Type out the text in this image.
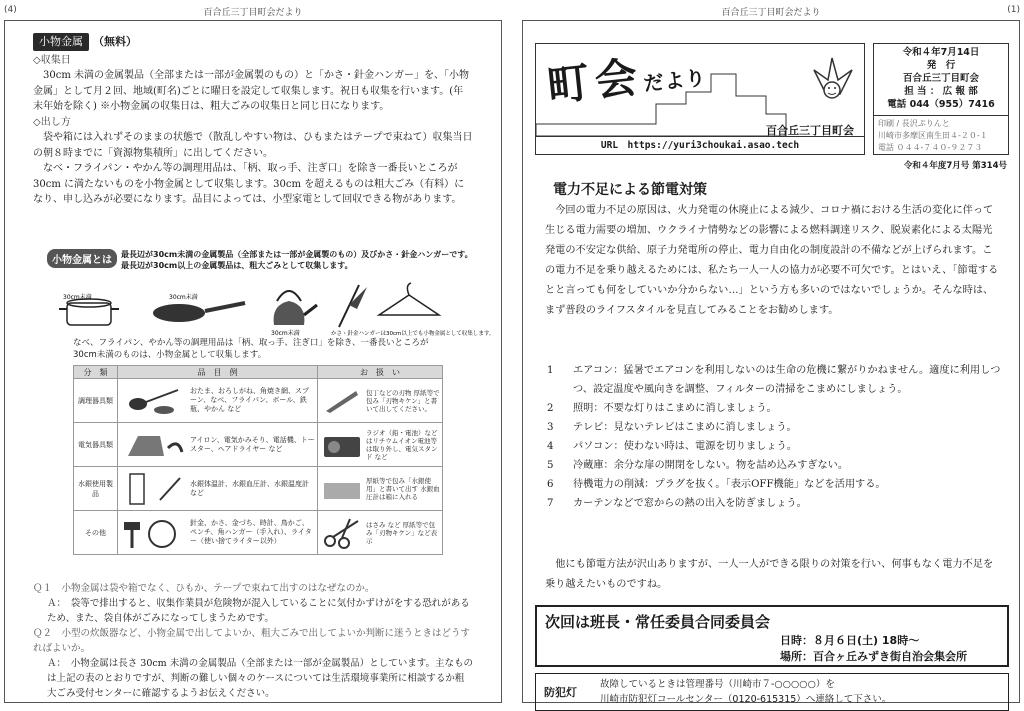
(4)	百合丘三丁目町会だより
小物金属 （無料）
◇収集日
30cm 未満の金属製品（全部または一部が金属製のもの）と「かさ・針金ハンガー」を、「小物金属」として月２回、地域(町名)ごとに曜日を設定して収集します。祝日も収集を行います。(年末年始を除く) ※小物金属の収集日は、粗大ごみの収集日と同じ日になります。
◇出し方
袋や箱には入れずそのままの状態で（散乱しやすい物は、ひもまたはテープで束ねて）収集当日の朝８時までに「資源物集積所」に出してください。
なべ・フライパン・やかん等の調理用品は、「柄、取っ手、注ぎ口」を除き一番長いところが 30cm に満たないものを小物金属として収集します。30cm を超えるものは粗大ごみ（有料）になり、申し込みが必要になります。品目によっては、小型家電として回収できる物があります。
小物金属とは
最長辺が30cm未満の金属製品（全部または一部が金属製のもの）及びかさ・針金ハンガーです。最長辺が30cm以上の金属製品は、粗大ごみとして収集します。
30cm未満	30cm未満
30cm未満	かさ・針金ハンガーは30cm以上でも小物金属として収集します。
なべ、フライパン、やかん等の調理用品は「柄、取っ手、注ぎ口」を除き、一番長いところが 30cm未満のものは、小物金属として収集します。
分　類	品　目　例	お　扱　い
調理器具類	おたま、おろしがね、角焼き網、スプーン、なべ、フライパン、ボール、鉄瓶、やかん など	包丁などの刃物 厚紙等で包み「刃物キケン」と書いて出してください。

電気器具類	アイロン、電気かみそり、電話機、トースター、ヘアドライヤー など	ラジオ（鉛・電池）などはリチウムイオン電池等は取り外し、電気スタンド など

水銀使用製品	水銀体温計、水銀血圧計、水銀温度計 など	厚紙等で包み「水銀使用」と書いて出す 水銀血圧計は箱に入れる

その他	針金、かさ、金づち、時計、鳥かご、ペンチ、角ハンガー（手入れ）、ライター（使い捨てライター以外）	はさみ など 厚紙等で包み「刃物キケン」など表示
Ｑ１　小物金属は袋や箱でなく、ひもか、テープで束ねて出すのはなぜなのか。
Ａ：　袋等で排出すると、収集作業員が危険物が混入していることに気付かずけがをする恐れがあるため、また、袋自体がごみになってしまうためです。
Ｑ２　小型の炊飯器など、小物金属で出してよいか、粗大ごみで出してよいか判断に迷うときはどうすればよいか。
Ａ：　小物金属は長さ 30cm 未満の金属製品（全部または一部が金属製品）としています。主なものは上記の表のとおりですが、判断の難しい個々のケースについては生活環境事業所に相談するか粗大ごみ受付センターに確認するようお伝えください。
百合丘三丁目町会だより	(1)
町会だより
百合丘三丁目町会
URL　https://yuri3choukai.asao.tech
令和４年7月14日
発　行
百合丘三丁目町会
担 当 ： 広 報 部
電話 044（955）7416
印刷 / 長沢ぷりんと
川崎市多摩区南生田４-２０-１
電話 ０４４-７４０-９２７３
令和４年度7月号 第314号
電力不足による節電対策
今回の電力不足の原因は、火力発電の休廃止による減少、コロナ禍における生活の変化に伴って生じる電力需要の増加、ウクライナ情勢などの影響による燃料調達リスク、脱炭素化による太陽光発電の不安定な供給、原子力発電所の停止、電力自由化の制度設計の不備などが上げられます。この電力不足を乗り越えるためには、私たち一人一人の協力が必要不可欠です。とはいえ、「節電するとと言っても何をしていいか分からない…」という方も多いのではないでしょうか。そんな時は、まず普段のライフスタイルを見直してみることをお勧めします。
1	エアコン：猛暑でエアコンを利用しないのは生命の危機に繋がりかねません。適度に利用しつつ、設定温度や風向きを調整、フィルターの清掃をこまめにしましょう。
2	照明：不要な灯りはこまめに消しましょう。
3	テレビ：見ないテレビはこまめに消しましょう。
4	パソコン：使わない時は、電源を切りましょう。
5	冷蔵庫：余分な扉の開閉をしない。物を詰め込みすぎない。
6	待機電力の削減：プラグを抜く。「表示OFF機能」などを活用する。
7	カーテンなどで窓からの熱の出入を防ぎましょう。
他にも節電方法が沢山ありますが、一人一人ができる限りの対策を行い、何事もなく電力不足を乗り越えたいものですね。
次回は班長・常任委員合同委員会
日時：８月６日(土) 18時～
場所：百合ヶ丘みずき街自治会集会所
防犯灯
故障しているときは管理番号（川崎市７-○○○○○）を
川崎市防犯灯コールセンター（0120-615315）へ連絡して下さい。
